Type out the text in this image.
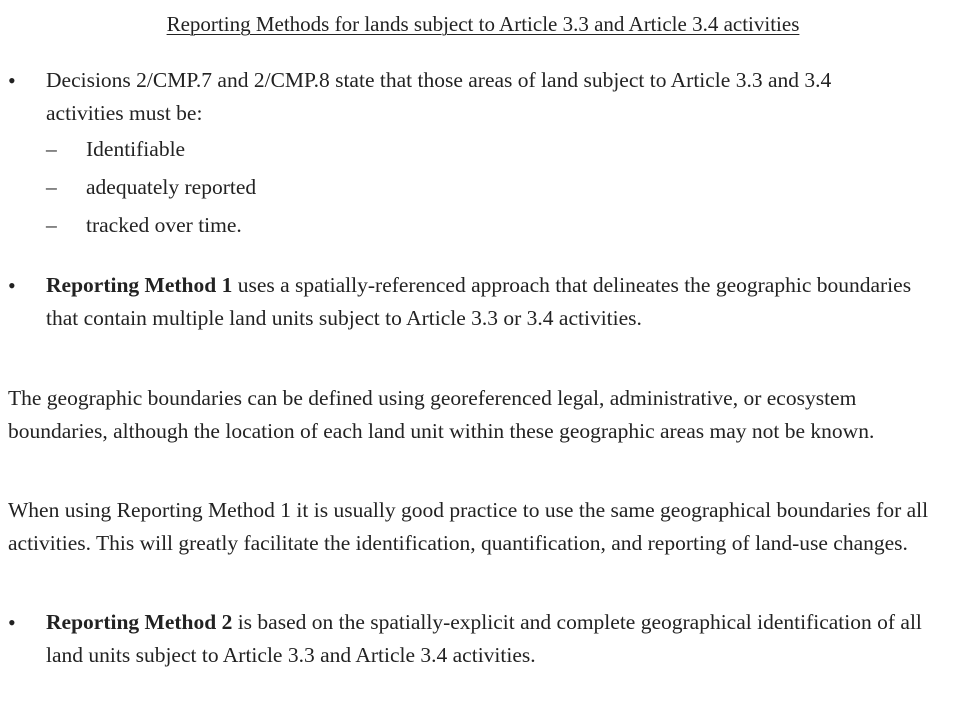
Reporting Methods for lands subject to Article 3.3 and Article 3.4 activities
•	Decisions 2/CMP.7 and 2/CMP.8 state that those areas of land subject to Article 3.3 and 3.4 activities must be:
– Identifiable
– adequately reported
– tracked over time.
•	Reporting Method 1 uses a spatially-referenced approach that delineates the geographic boundaries that contain multiple land units subject to Article 3.3 or 3.4 activities.
The geographic boundaries can be defined using georeferenced legal, administrative, or ecosystem boundaries, although the location of each land unit within these geographic areas may not be known.
When using Reporting Method 1 it is usually good practice to use the same geographical boundaries for all activities. This will greatly facilitate the identification, quantification, and reporting of land-use changes.
•	Reporting Method 2 is based on the spatially-explicit and complete geographical identification of all land units subject to Article 3.3 and Article 3.4 activities.
